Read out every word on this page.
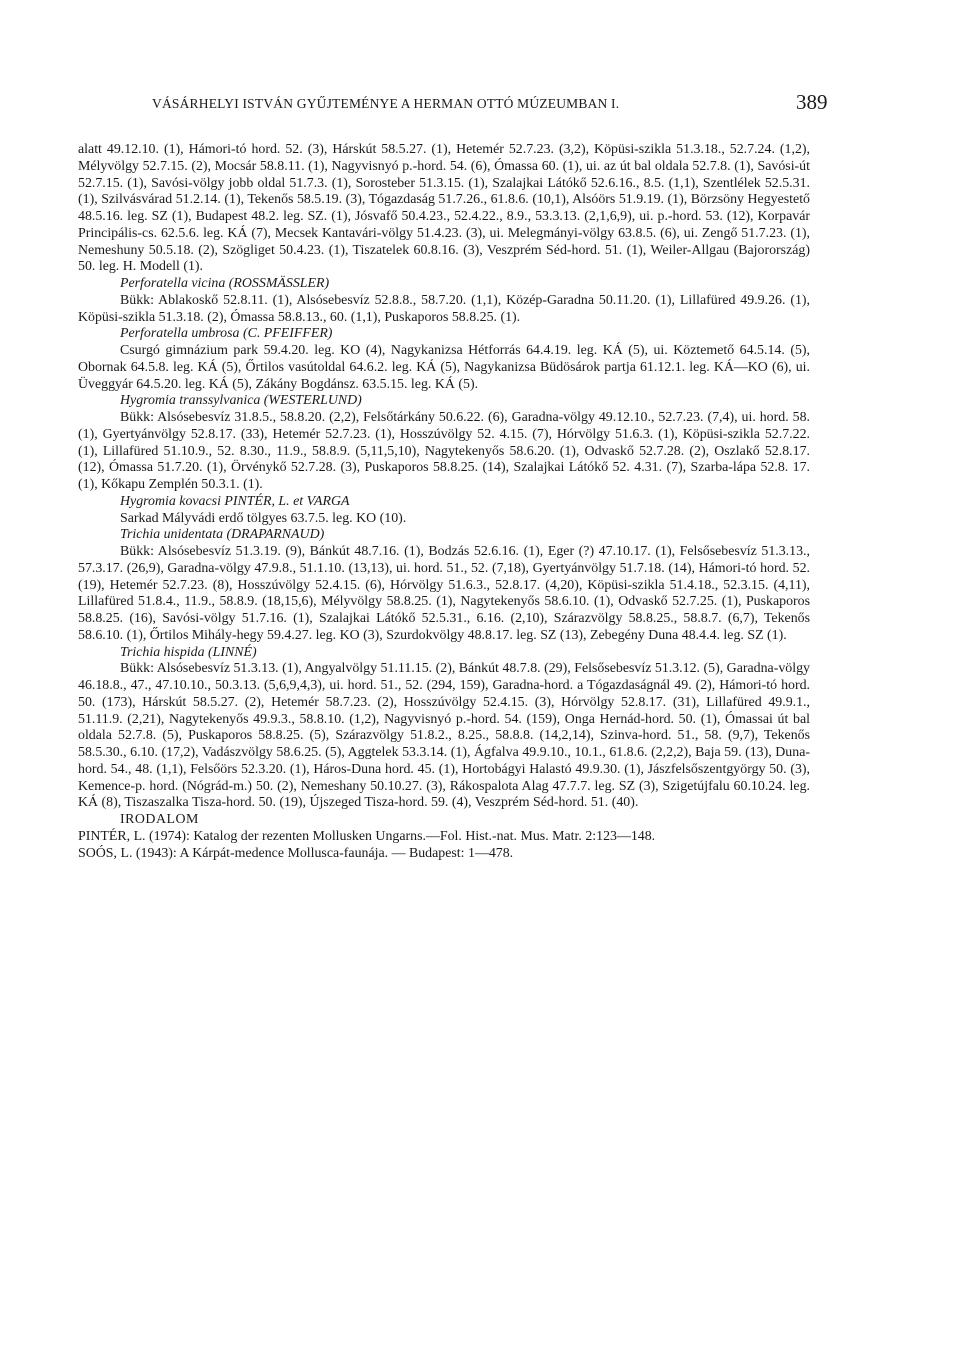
VÁSÁRHELYI ISTVÁN GYŰJTEMÉNYE A HERMAN OTTÓ MÚZEUMBAN I.	389

alatt 49.12.10. (1), Hámori-tó hord. 52. (3), Hárskút 58.5.27. (1), Hetemér 52.7.23. (3,2), Köpüsi-szikla 51.3.18., 52.7.24. (1,2), Mélyvölgy 52.7.15. (2), Mocsár 58.8.11. (1), Nagyvisnyó p.-hord. 54. (6), Ómassa 60. (1), ui. az út bal oldala 52.7.8. (1), Savósi-út 52.7.15. (1), Savósi-völgy jobb oldal 51.7.3. (1), Sorosteber 51.3.15. (1), Szalajkai Látókő 52.6.16., 8.5. (1,1), Szentlélek 52.5.31. (1), Szilvásvárad 51.2.14. (1), Tekenős 58.5.19. (3), Tógazdaság 51.7.26., 61.8.6. (10,1), Alsóörs 51.9.19. (1), Börzsöny Hegyestető 48.5.16. leg. SZ (1), Budapest 48.2. leg. SZ. (1), Jósvafő 50.4.23., 52.4.22., 8.9., 53.3.13. (2,1,6,9), ui. p.-hord. 53. (12), Korpavár Principális-cs. 62.5.6. leg. KÁ (7), Mecsek Kantavári-völgy 51.4.23. (3), ui. Melegmányi-völgy 63.8.5. (6), ui. Zengő 51.7.23. (1), Nemeshuny 50.5.18. (2), Szögliget 50.4.23. (1), Tiszatelek 60.8.16. (3), Veszprém Séd-hord. 51. (1), Weiler-Allgau (Bajorország) 50. leg. H. Modell (1).

Perforatella vicina (ROSSMÄSSLER)

Bükk: Ablakoskő 52.8.11. (1), Alsósebesvíz 52.8.8., 58.7.20. (1,1), Közép-Garadna 50.11.20. (1), Lillafüred 49.9.26. (1), Köpüsi-szikla 51.3.18. (2), Ómassa 58.8.13., 60. (1,1), Puskaporos 58.8.25. (1).

Perforatella umbrosa (C. PFEIFFER)

Csurgó gimnázium park 59.4.20. leg. KO (4), Nagykanizsa Hétforrás 64.4.19. leg. KÁ (5), ui. Köztemető 64.5.14. (5), Obornak 64.5.8. leg. KÁ (5), Őrtilos vasútoldal 64.6.2. leg. KÁ (5), Nagykanizsa Büdösárok partja 61.12.1. leg. KÁ—KO (6), ui. Üveggyár 64.5.20. leg. KÁ (5), Zákány Bogdánsz. 63.5.15. leg. KÁ (5).

Hygromia transsylvanica (WESTERLUND)

Bükk: Alsósebesvíz 31.8.5., 58.8.20. (2,2), Felsőtárkány 50.6.22. (6), Garadna-völgy 49.12.10., 52.7.23. (7,4), ui. hord. 58. (1), Gyertyánvölgy 52.8.17. (33), Hetemér 52.7.23. (1), Hosszúvölgy 52. 4.15. (7), Hórvölgy 51.6.3. (1), Köpüsi-szikla 52.7.22. (1), Lillafüred 51.10.9., 52. 8.30., 11.9., 58.8.9. (5,11,5,10), Nagytekenyős 58.6.20. (1), Odvaskő 52.7.28. (2), Oszlakő 52.8.17. (12), Ómassa 51.7.20. (1), Örvénykő 52.7.28. (3), Puskaporos 58.8.25. (14), Szalajkai Látókő 52. 4.31. (7), Szarba-lápa 52.8. 17. (1), Kőkapu Zemplén 50.3.1. (1).

Hygromia kovacsi PINTÉR, L. et VARGA

Sarkad Mályvádi erdő tölgyes 63.7.5. leg. KO (10).

Trichia unidentata (DRAPARNAUD)

Bükk: Alsósebesvíz 51.3.19. (9), Bánkút 48.7.16. (1), Bodzás 52.6.16. (1), Eger (?) 47.10.17. (1), Felsősebesvíz 51.3.13., 57.3.17. (26,9), Garadna-völgy 47.9.8., 51.1.10. (13,13), ui. hord. 51., 52. (7,18), Gyertyánvölgy 51.7.18. (14), Hámori-tó hord. 52. (19), Hetemér 52.7.23. (8), Hosszúvölgy 52.4.15. (6), Hórvölgy 51.6.3., 52.8.17. (4,20), Köpüsi-szikla 51.4.18., 52.3.15. (4,11), Lillafüred 51.8.4., 11.9., 58.8.9. (18,15,6), Mélyvölgy 58.8.25. (1), Nagytekenyős 58.6.10. (1), Odvaskő 52.7.25. (1), Puskaporos 58.8.25. (16), Savósi-völgy 51.7.16. (1), Szalajkai Látókő 52.5.31., 6.16. (2,10), Szárazvölgy 58.8.25., 58.8.7. (6,7), Tekenős 58.6.10. (1), Őrtilos Mihály-hegy 59.4.27. leg. KO (3), Szurdokvölgy 48.8.17. leg. SZ (13), Zebegény Duna 48.4.4. leg. SZ (1).

Trichia hispida (LINNÉ)

Bükk: Alsósebesvíz 51.3.13. (1), Angyalvölgy 51.11.15. (2), Bánkút 48.7.8. (29), Felsősebesvíz 51.3.12. (5), Garadna-völgy 46.18.8., 47., 47.10.10., 50.3.13. (5,6,9,4,3), ui. hord. 51., 52. (294, 159), Garadna-hord. a Tógazdaságnál 49. (2), Hámori-tó hord. 50. (173), Hárskút 58.5.27. (2), Hetemér 58.7.23. (2), Hosszúvölgy 52.4.15. (3), Hórvölgy 52.8.17. (31), Lillafüred 49.9.1., 51.11.9. (2,21), Nagytekenyős 49.9.3., 58.8.10. (1,2), Nagyvisnyó p.-hord. 54. (159), Onga Hernád-hord. 50. (1), Ómassai út bal oldala 52.7.8. (5), Puskaporos 58.8.25. (5), Szárazvölgy 51.8.2., 8.25., 58.8.8. (14,2,14), Szinva-hord. 51., 58. (9,7), Tekenős 58.5.30., 6.10. (17,2), Vadászvölgy 58.6.25. (5), Aggtelek 53.3.14. (1), Ágfalva 49.9.10., 10.1., 61.8.6. (2,2,2), Baja 59. (13), Duna-hord. 54., 48. (1,1), Felsőörs 52.3.20. (1), Háros-Duna hord. 45. (1), Hortobágyi Halastó 49.9.30. (1), Jászfelsőszentgyörgy 50. (3), Kemence-p. hord. (Nógrád-m.) 50. (2), Nemeshany 50.10.27. (3), Rákospalota Alag 47.7.7. leg. SZ (3), Szigetújfalu 60.10.24. leg. KÁ (8), Tiszaszalka Tisza-hord. 50. (19), Újszeged Tisza-hord. 59. (4), Veszprém Séd-hord. 51. (40).

IRODALOM

PINTÉR, L. (1974): Katalog der rezenten Mollusken Ungarns.—Fol. Hist.-nat. Mus. Matr. 2:123—148.

SOÓS, L. (1943): A Kárpát-medence Mollusca-faunája. — Budapest: 1—478.
